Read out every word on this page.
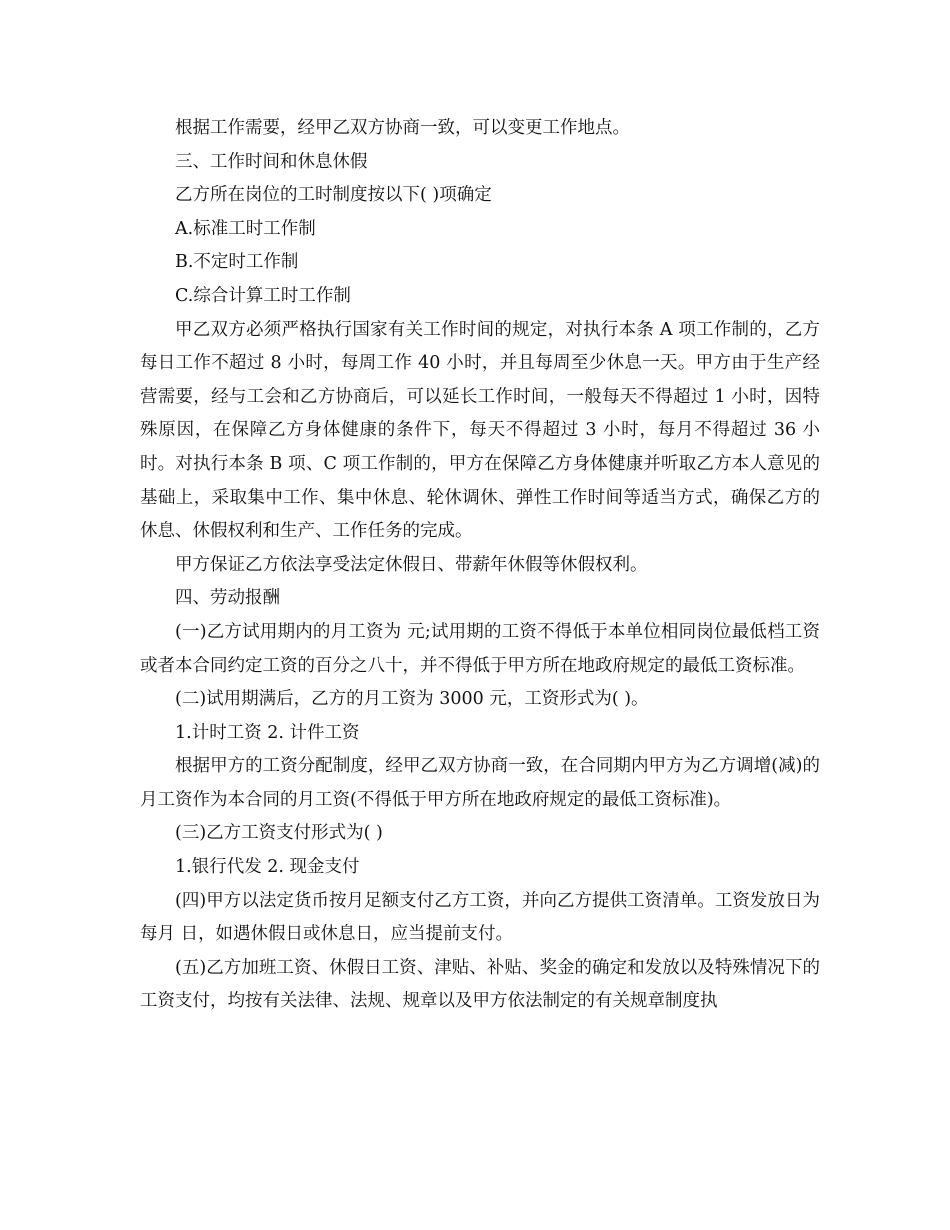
根据工作需要，经甲乙双方协商一致，可以变更工作地点。

三、工作时间和休息休假

乙方所在岗位的工时制度按以下( )项确定

A.标准工时工作制

B.不定时工作制

C.综合计算工时工作制

甲乙双方必须严格执行国家有关工作时间的规定，对执行本条 A 项工作制的，乙方每日工作不超过 8 小时，每周工作 40 小时，并且每周至少休息一天。甲方由于生产经营需要，经与工会和乙方协商后，可以延长工作时间，一般每天不得超过 1 小时，因特殊原因，在保障乙方身体健康的条件下，每天不得超过 3 小时，每月不得超过 36 小时。对执行本条 B 项、C 项工作制的，甲方在保障乙方身体健康并听取乙方本人意见的基础上，采取集中工作、集中休息、轮休调休、弹性工作时间等适当方式，确保乙方的休息、休假权利和生产、工作任务的完成。

甲方保证乙方依法享受法定休假日、带薪年休假等休假权利。

四、劳动报酬

(一)乙方试用期内的月工资为 元;试用期的工资不得低于本单位相同岗位最低档工资或者本合同约定工资的百分之八十，并不得低于甲方所在地政府规定的最低工资标准。

(二)试用期满后，乙方的月工资为 3000 元，工资形式为( )。

1.计时工资 2. 计件工资

根据甲方的工资分配制度，经甲乙双方协商一致，在合同期内甲方为乙方调增(减)的月工资作为本合同的月工资(不得低于甲方所在地政府规定的最低工资标准)。

(三)乙方工资支付形式为( )

1.银行代发 2. 现金支付

(四)甲方以法定货币按月足额支付乙方工资，并向乙方提供工资清单。工资发放日为每月 日，如遇休假日或休息日，应当提前支付。

(五)乙方加班工资、休假日工资、津贴、补贴、奖金的确定和发放以及特殊情况下的工资支付，均按有关法律、法规、规章以及甲方依法制定的有关规章制度执
